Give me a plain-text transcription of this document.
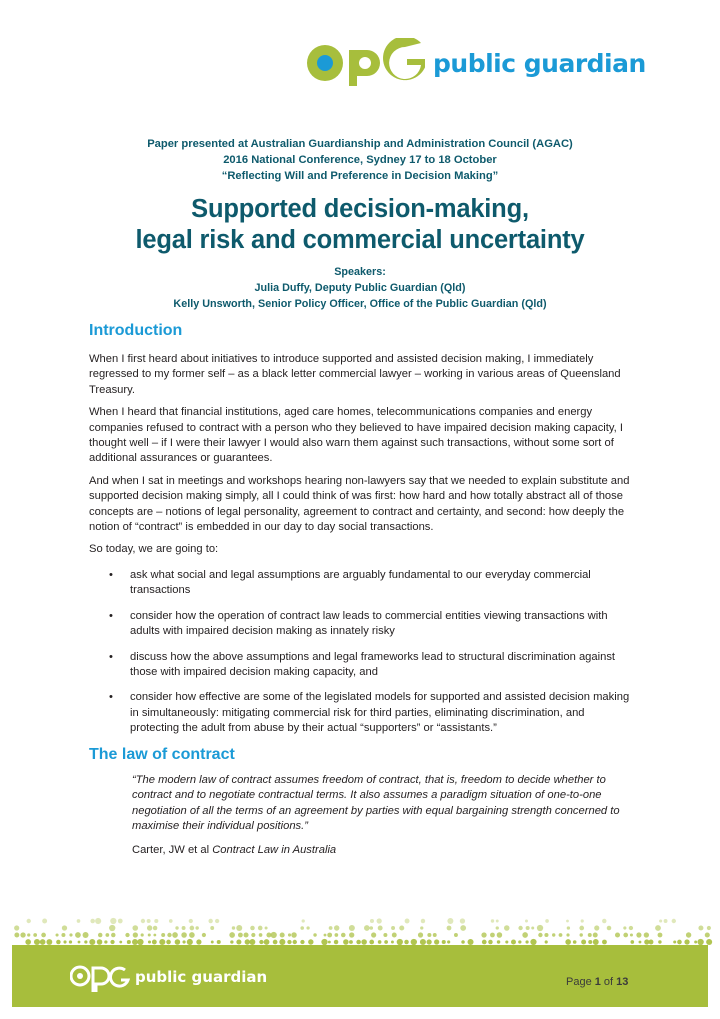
public guardian
Paper presented at Australian Guardianship and Administration Council (AGAC)
2016 National Conference, Sydney 17 to 18 October
“Reflecting Will and Preference in Decision Making”
Supported decision-making,
legal risk and commercial uncertainty
Speakers:
Julia Duffy, Deputy Public Guardian (Qld)
Kelly Unsworth, Senior Policy Officer, Office of the Public Guardian (Qld)
Introduction

When I first heard about initiatives to introduce supported and assisted decision making, I immediately regressed to my former self – as a black letter commercial lawyer – working in various areas of Queensland Treasury.

When I heard that financial institutions, aged care homes, telecommunications companies and energy companies refused to contract with a person who they believed to have impaired decision making capacity, I thought well – if I were their lawyer I would also warn them against such transactions, without some sort of additional assurances or guarantees.

And when I sat in meetings and workshops hearing non-lawyers say that we needed to explain substitute and supported decision making simply, all I could think of was first: how hard and how totally abstract all of those concepts are – notions of legal personality, agreement to contract and certainty, and second: how deeply the notion of “contract” is embedded in our day to day social transactions.

So today, we are going to:

• ask what social and legal assumptions are arguably fundamental to our everyday commercial transactions
• consider how the operation of contract law leads to commercial entities viewing transactions with adults with impaired decision making as innately risky
• discuss how the above assumptions and legal frameworks lead to structural discrimination against those with impaired decision making capacity, and
• consider how effective are some of the legislated models for supported and assisted decision making in simultaneously: mitigating commercial risk for third parties, eliminating discrimination, and protecting the adult from abuse by their actual “supporters” or “assistants.”
The law of contract

“The modern law of contract assumes freedom of contract, that is, freedom to decide whether to contract and to negotiate contractual terms. It also assumes a paradigm situation of one-to-one negotiation of all the terms of an agreement by parties with equal bargaining strength concerned to maximise their individual positions.”

Carter, JW et al Contract Law in Australia

public guardian	Page 1 of 13
